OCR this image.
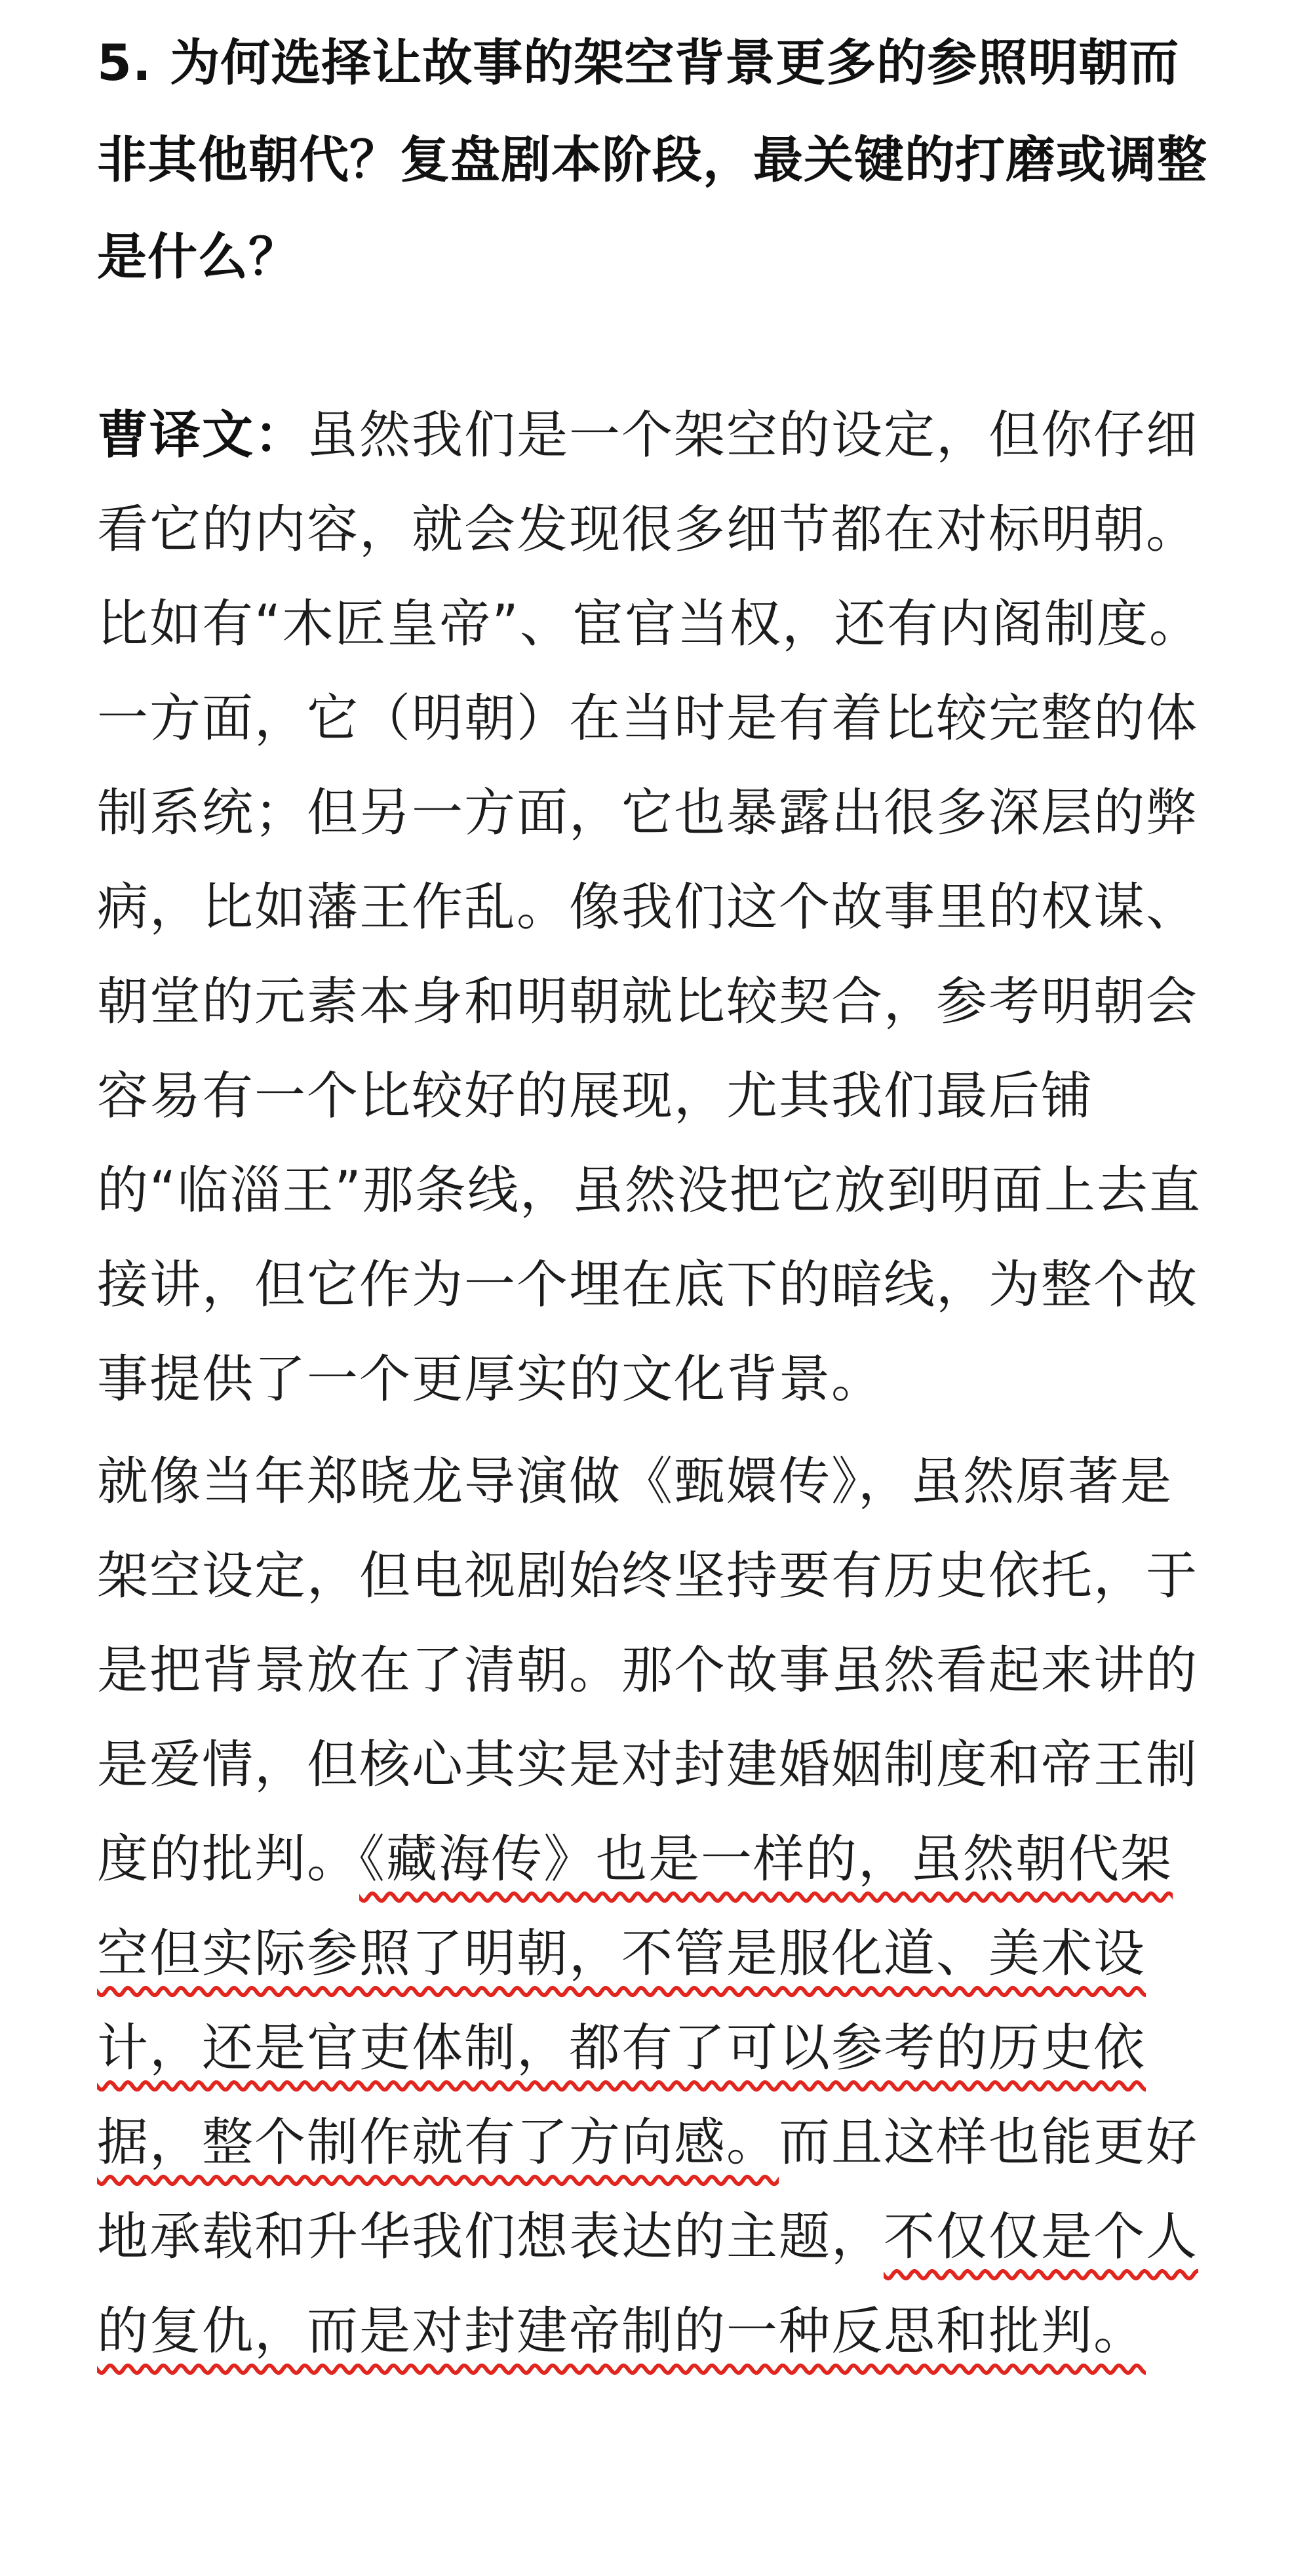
5. 为何选择让故事的架空背景更多的参照明朝而非其他朝代？复盘剧本阶段，最关键的打磨或调整是什么？

曹译文：虽然我们是一个架空的设定，但你仔细看它的内容，就会发现很多细节都在对标明朝。比如有“木匠皇帝”、宦官当权，还有内阁制度。一方面，它（明朝）在当时是有着比较完整的体制系统；但另一方面，它也暴露出很多深层的弊病，比如藩王作乱。像我们这个故事里的权谋、朝堂的元素本身和明朝就比较契合，参考明朝会容易有一个比较好的展现，尤其我们最后铺的“临淄王”那条线，虽然没把它放到明面上去直接讲，但它作为一个埋在底下的暗线，为整个故事提供了一个更厚实的文化背景。

就像当年郑晓龙导演做《甄嬛传》，虽然原著是架空设定，但电视剧始终坚持要有历史依托，于是把背景放在了清朝。那个故事虽然看起来讲的是爱情，但核心其实是对封建婚姻制度和帝王制度的批判。《藏海传》也是一样的，虽然朝代架空但实际参照了明朝，不管是服化道、美术设计，还是官吏体制，都有了可以参考的历史依据，整个制作就有了方向感。而且这样也能更好地承载和升华我们想表达的主题，不仅仅是个人的复仇，而是对封建帝制的一种反思和批判。
